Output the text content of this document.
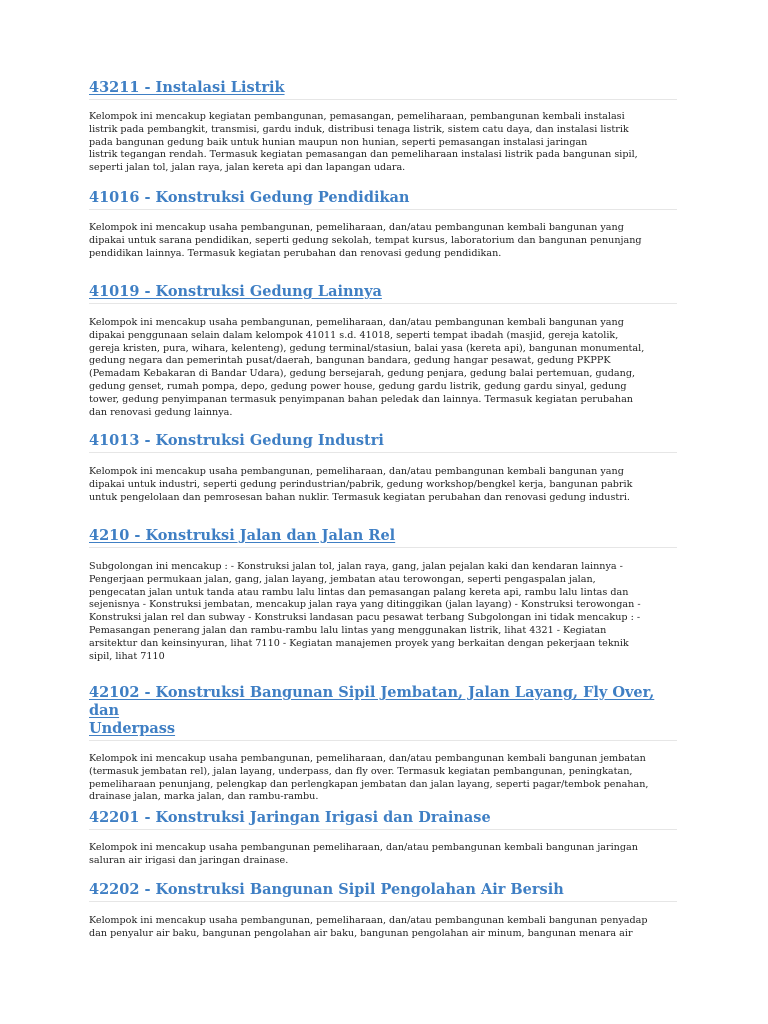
43211 - Instalasi Listrik

Kelompok ini mencakup kegiatan pembangunan, pemasangan, pemeliharaan, pembangunan kembali instalasi
listrik pada pembangkit, transmisi, gardu induk, distribusi tenaga listrik, sistem catu daya, dan instalasi listrik
pada bangunan gedung baik untuk hunian maupun non hunian, seperti pemasangan instalasi jaringan
listrik tegangan rendah. Termasuk kegiatan pemasangan dan pemeliharaan instalasi listrik pada bangunan sipil,
seperti jalan tol, jalan raya, jalan kereta api dan lapangan udara.

41016 - Konstruksi Gedung Pendidikan

Kelompok ini mencakup usaha pembangunan, pemeliharaan, dan/atau pembangunan kembali bangunan yang
dipakai untuk sarana pendidikan, seperti gedung sekolah, tempat kursus, laboratorium dan bangunan penunjang
pendidikan lainnya. Termasuk kegiatan perubahan dan renovasi gedung pendidikan.

41019 - Konstruksi Gedung Lainnya

Kelompok ini mencakup usaha pembangunan, pemeliharaan, dan/atau pembangunan kembali bangunan yang
dipakai penggunaan selain dalam kelompok 41011 s.d. 41018, seperti tempat ibadah (masjid, gereja katolik,
gereja kristen, pura, wihara, kelenteng), gedung terminal/stasiun, balai yasa (kereta api), bangunan monumental,
gedung negara dan pemerintah pusat/daerah, bangunan bandara, gedung hangar pesawat, gedung PKPPK
(Pemadam Kebakaran di Bandar Udara), gedung bersejarah, gedung penjara, gedung balai pertemuan, gudang,
gedung genset, rumah pompa, depo, gedung power house, gedung gardu listrik, gedung gardu sinyal, gedung
tower, gedung penyimpanan termasuk penyimpanan bahan peledak dan lainnya. Termasuk kegiatan perubahan
dan renovasi gedung lainnya.

41013 - Konstruksi Gedung Industri

Kelompok ini mencakup usaha pembangunan, pemeliharaan, dan/atau pembangunan kembali bangunan yang
dipakai untuk industri, seperti gedung perindustrian/pabrik, gedung workshop/bengkel kerja, bangunan pabrik
untuk pengelolaan dan pemrosesan bahan nuklir. Termasuk kegiatan perubahan dan renovasi gedung industri.

4210 - Konstruksi Jalan dan Jalan Rel

Subgolongan ini mencakup : - Konstruksi jalan tol, jalan raya, gang, jalan pejalan kaki dan kendaran lainnya -
Pengerjaan permukaan jalan, gang, jalan layang, jembatan atau terowongan, seperti pengaspalan jalan,
pengecatan jalan untuk tanda atau rambu lalu lintas dan pemasangan palang kereta api, rambu lalu lintas dan
sejenisnya - Konstruksi jembatan, mencakup jalan raya yang ditinggikan (jalan layang) - Konstruksi terowongan -
Konstruksi jalan rel dan subway - Konstruksi landasan pacu pesawat terbang Subgolongan ini tidak mencakup : -
Pemasangan penerang jalan dan rambu-rambu lalu lintas yang menggunakan listrik, lihat 4321 - Kegiatan
arsitektur dan keinsinyuran, lihat 7110 - Kegiatan manajemen proyek yang berkaitan dengan pekerjaan teknik
sipil, lihat 7110

42102 - Konstruksi Bangunan Sipil Jembatan, Jalan Layang, Fly Over, dan
Underpass

Kelompok ini mencakup usaha pembangunan, pemeliharaan, dan/atau pembangunan kembali bangunan jembatan
(termasuk jembatan rel), jalan layang, underpass, dan fly over. Termasuk kegiatan pembangunan, peningkatan,
pemeliharaan penunjang, pelengkap dan perlengkapan jembatan dan jalan layang, seperti pagar/tembok penahan,
drainase jalan, marka jalan, dan rambu-rambu.

42201 - Konstruksi Jaringan Irigasi dan Drainase

Kelompok ini mencakup usaha pembangunan pemeliharaan, dan/atau pembangunan kembali bangunan jaringan
saluran air irigasi dan jaringan drainase.

42202 - Konstruksi Bangunan Sipil Pengolahan Air Bersih

Kelompok ini mencakup usaha pembangunan, pemeliharaan, dan/atau pembangunan kembali bangunan penyadap
dan penyalur air baku, bangunan pengolahan air baku, bangunan pengolahan air minum, bangunan menara air
